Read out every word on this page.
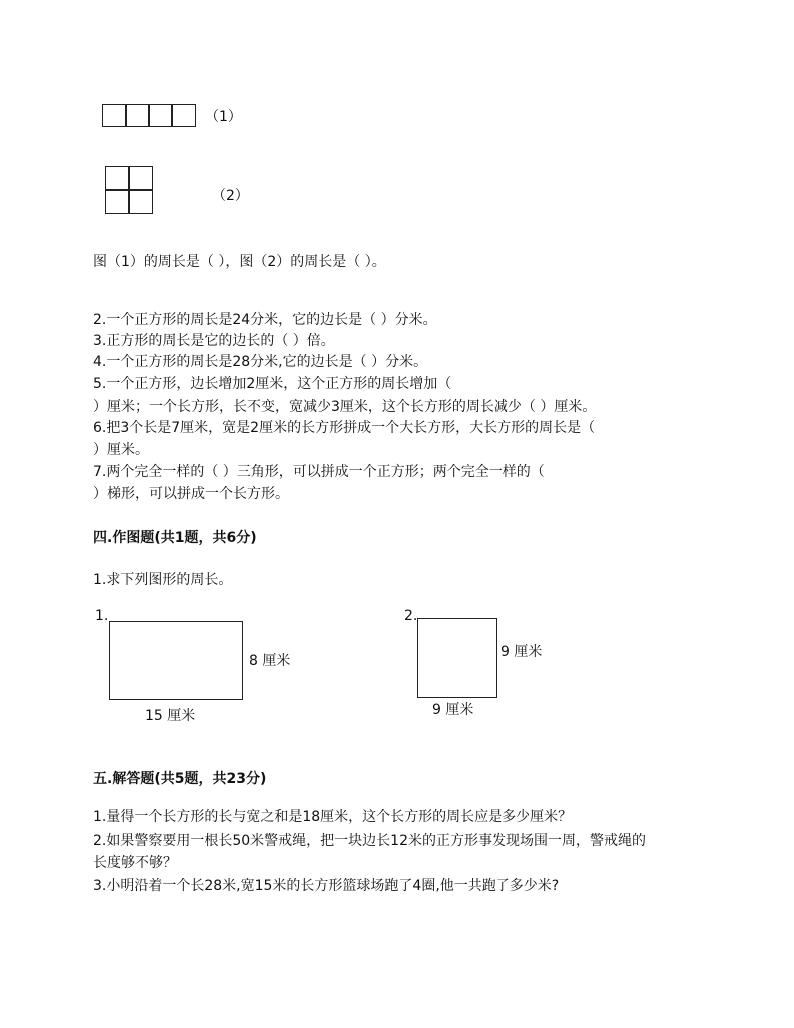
（1）
（2）
图（1）的周长是（ ），图（2）的周长是（ ）。
2.一个正方形的周长是24分米，它的边长是（ ）分米。
3.正方形的周长是它的边长的（ ）倍。
4.一个正方形的周长是28分米,它的边长是（ ）分米。
5.一个正方形，边长增加2厘米，这个正方形的周长增加（
）厘米；一个长方形，长不变，宽减少3厘米，这个长方形的周长减少（ ）厘米。
6.把3个长是7厘米，宽是2厘米的长方形拼成一个大长方形，大长方形的周长是（
）厘米。
7.两个完全一样的（ ）三角形，可以拼成一个正方形；两个完全一样的（
）梯形，可以拼成一个长方形。
四.作图题(共1题，共6分)
1.求下列图形的周长。
1.
8 厘米
15 厘米
2.
9 厘米
9 厘米
五.解答题(共5题，共23分)
1.量得一个长方形的长与宽之和是18厘米，这个长方形的周长应是多少厘米？
2.如果警察要用一根长50米警戒绳，把一块边长12米的正方形事发现场围一周，警戒绳的
长度够不够？
3.小明沿着一个长28米,宽15米的长方形篮球场跑了4圈,他一共跑了多少米?
